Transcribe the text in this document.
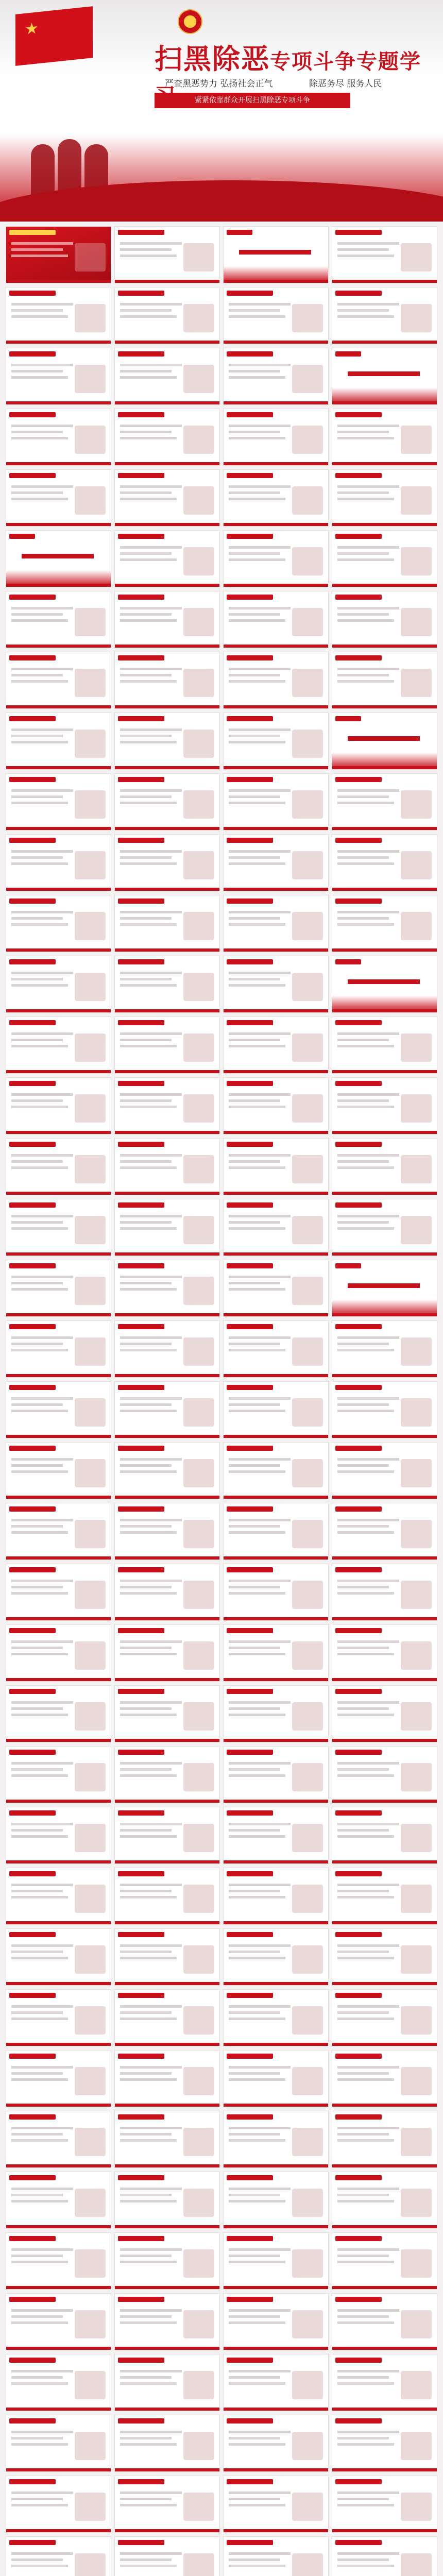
★
扫黑除恶专项斗争专题学
严查黑恶势力 弘扬社会正气	除恶务尽 服务人民
紧紧依靠群众开展扫黑除恶专项斗争
